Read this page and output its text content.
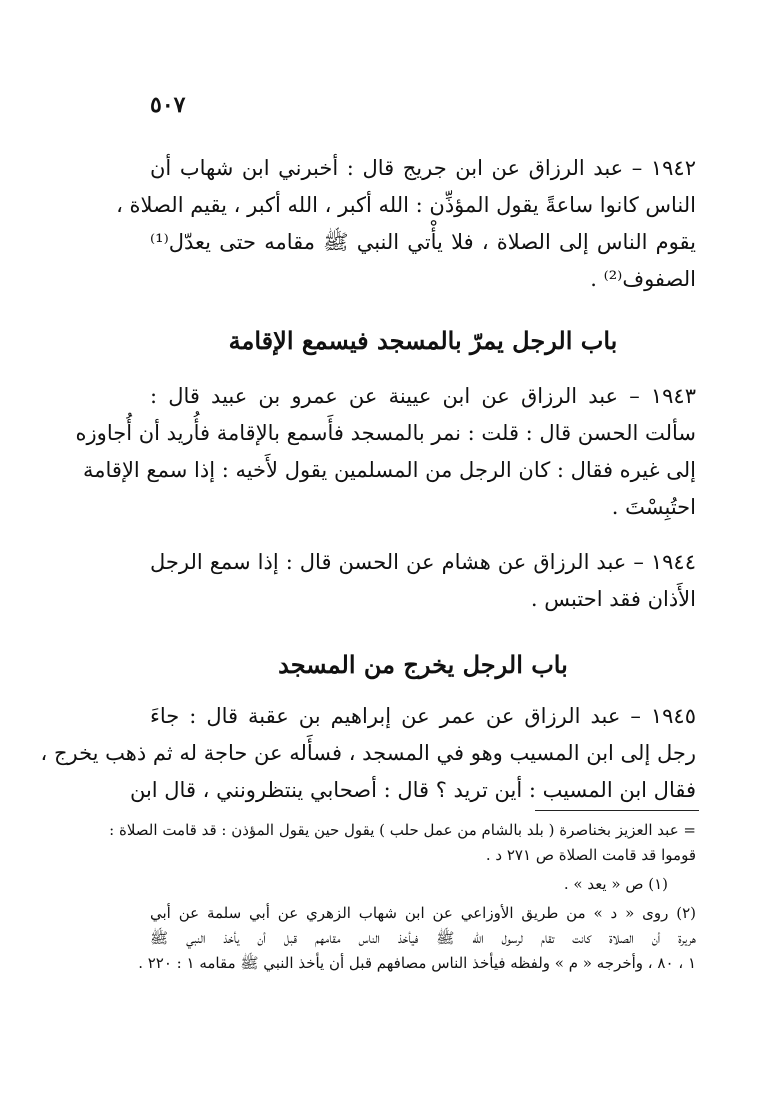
٥٠٧
١٩٤٢ – عبد الرزاق عن ابن جريج قال : أخبرني ابن شهاب أن
الناس كانوا ساعةً يقول المؤذِّن : الله أكبر ، الله أكبر ، يقيم الصلاة ،
يقوم الناس إلى الصلاة ، فلا يأْتي النبي ﷺ مقامه حتى يعدّل⁽¹⁾
الصفوف⁽²⁾ .
باب الرجل يمرّ بالمسجد فيسمع الإقامة
١٩٤٣ – عبد الرزاق عن ابن عيينة عن عمرو بن عبيد قال :
سألت الحسن قال : قلت : نمر بالمسجد فأَسمع بالإقامة فأُريد أن أُجاوزه
إلى غيره فقال : كان الرجل من المسلمين يقول لأَخيه : إذا سمع الإقامة
احتُبِسْتَ .
١٩٤٤ – عبد الرزاق عن هشام عن الحسن قال : إذا سمع الرجل
الأَذان فقد احتبس .
باب الرجل يخرج من المسجد
١٩٤٥ – عبد الرزاق عن عمر عن إبراهيم بن عقبة قال : جاءَ
رجل إلى ابن المسيب وهو في المسجد ، فسأَله عن حاجة له ثم ذهب يخرج ،
فقال ابن المسيب : أين تريد ؟ قال : أصحابي ينتظرونني ، قال ابن
= عبد العزيز بخناصرة ( بلد بالشام من عمل حلب ) يقول حين يقول المؤذن : قد قامت الصلاة :
قوموا قد قامت الصلاة ص ٢٧١ د .
(١) ص « يعد » .
(٢) روى « د » من طريق الأوزاعي عن ابن شهاب الزهري عن أبي سلمة عن أبي
هريرة أن الصلاة كانت تقام لرسول الله ﷺ فيأخذ الناس مقامهم قبل أن يأخذ النبي ﷺ
١ ، ٨٠ ، وأخرجه « م » ولفظه فيأخذ الناس مصافهم قبل أن يأخذ النبي ﷺ مقامه ١ : ٢٢٠ .
